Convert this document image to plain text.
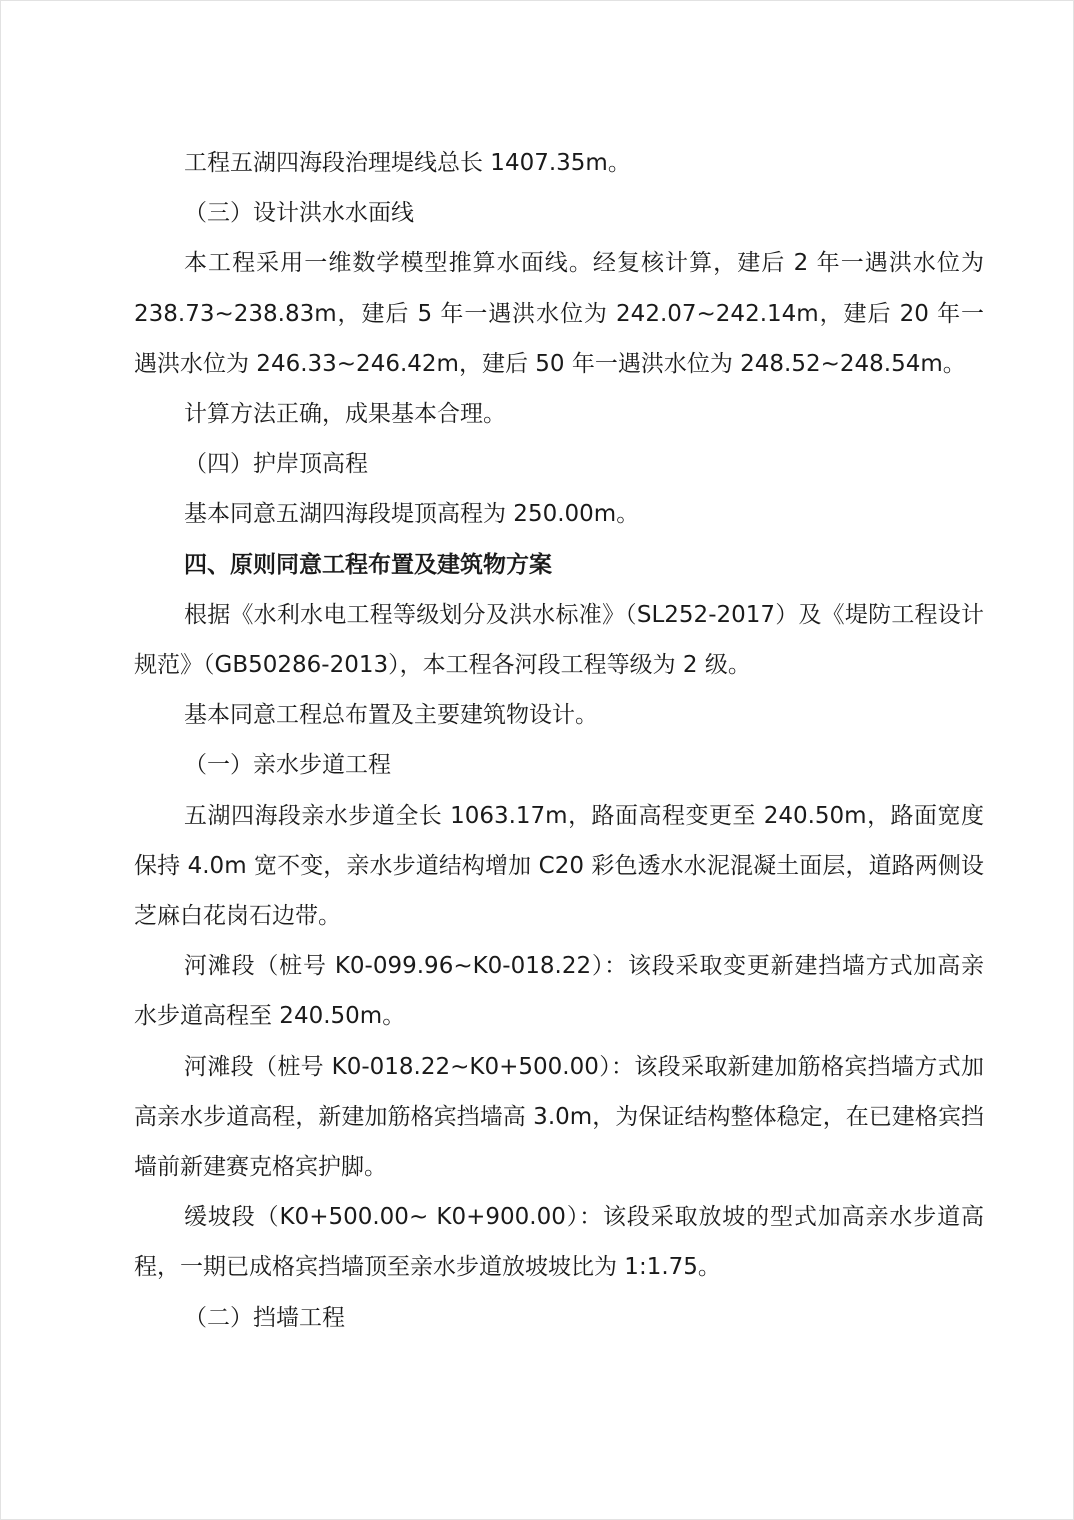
工程五湖四海段治理堤线总长 1407.35m。

（三）设计洪水水面线

本工程采用一维数学模型推算水面线。经复核计算，建后 2 年一遇洪水位为 238.73~238.83m，建后 5 年一遇洪水位为 242.07~242.14m，建后 20 年一遇洪水位为 246.33~246.42m，建后 50 年一遇洪水位为 248.52~248.54m。

计算方法正确，成果基本合理。

（四）护岸顶高程

基本同意五湖四海段堤顶高程为 250.00m。

四、原则同意工程布置及建筑物方案

根据《水利水电工程等级划分及洪水标准》（SL252-2017）及《堤防工程设计规范》（GB50286-2013），本工程各河段工程等级为 2 级。

基本同意工程总布置及主要建筑物设计。

（一）亲水步道工程

五湖四海段亲水步道全长 1063.17m，路面高程变更至 240.50m，路面宽度保持 4.0m 宽不变，亲水步道结构增加 C20 彩色透水水泥混凝土面层，道路两侧设芝麻白花岗石边带。

河滩段（桩号 K0-099.96~K0-018.22）：该段采取变更新建挡墙方式加高亲水步道高程至 240.50m。

河滩段（桩号 K0-018.22~K0+500.00）：该段采取新建加筋格宾挡墙方式加高亲水步道高程，新建加筋格宾挡墙高 3.0m，为保证结构整体稳定，在已建格宾挡墙前新建赛克格宾护脚。

缓坡段（K0+500.00~ K0+900.00）：该段采取放坡的型式加高亲水步道高程，一期已成格宾挡墙顶至亲水步道放坡坡比为 1:1.75。

（二）挡墙工程
